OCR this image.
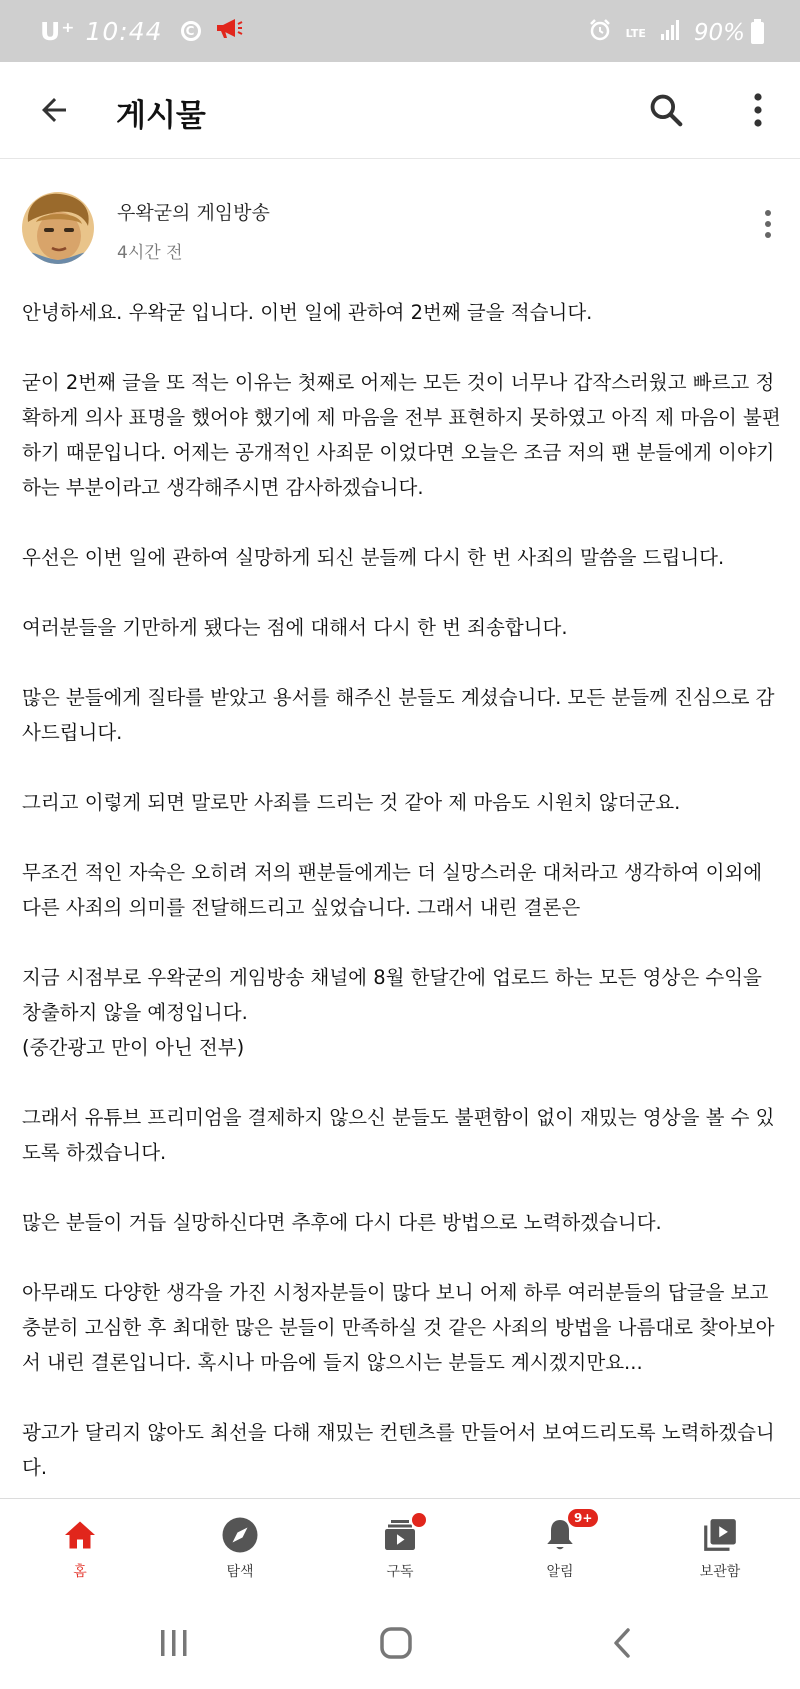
U⁺ 10:44	C	LTE 90%
게시물
우왁굳의 게임방송
4시간 전

안녕하세요. 우왁굳 입니다. 이번 일에 관하여 2번째 글을 적습니다.

굳이 2번째 글을 또 적는 이유는 첫째로 어제는 모든 것이 너무나 갑작스러웠고 빠르고 정확하게 의사 표명을 했어야 했기에 제 마음을 전부 표현하지 못하였고 아직 제 마음이 불편하기 때문입니다. 어제는 공개적인 사죄문 이었다면 오늘은 조금 저의 팬 분들에게 이야기 하는 부분이라고 생각해주시면 감사하겠습니다.

우선은 이번 일에 관하여 실망하게 되신 분들께 다시 한 번 사죄의 말씀을 드립니다.

여러분들을 기만하게 됐다는 점에 대해서 다시 한 번 죄송합니다.

많은 분들에게 질타를 받았고 용서를 해주신 분들도 계셨습니다. 모든 분들께 진심으로 감사드립니다.

그리고 이렇게 되면 말로만 사죄를 드리는 것 같아 제 마음도 시원치 않더군요.

무조건 적인 자숙은 오히려 저의 팬분들에게는 더 실망스러운 대처라고 생각하여 이외에 다른 사죄의 의미를 전달해드리고 싶었습니다. 그래서 내린 결론은

지금 시점부로 우왁굳의 게임방송 채널에 8월 한달간에 업로드 하는 모든 영상은 수익을 창출하지 않을 예정입니다.
(중간광고 만이 아닌 전부)

그래서 유튜브 프리미엄을 결제하지 않으신 분들도 불편함이 없이 재밌는 영상을 볼 수 있도록 하겠습니다.

많은 분들이 거듭 실망하신다면 추후에 다시 다른 방법으로 노력하겠습니다.

아무래도 다양한 생각을 가진 시청자분들이 많다 보니 어제 하루 여러분들의 답글을 보고 충분히 고심한 후 최대한 많은 분들이 만족하실 것 같은 사죄의 방법을 나름대로 찾아보아서 내린 결론입니다. 혹시나 마음에 들지 않으시는 분들도 계시겠지만요...

광고가 달리지 않아도 최선을 다해 재밌는 컨텐츠를 만들어서 보여드리도록 노력하겠습니다.

홈	탐색	구독
9+
알림	보관함
